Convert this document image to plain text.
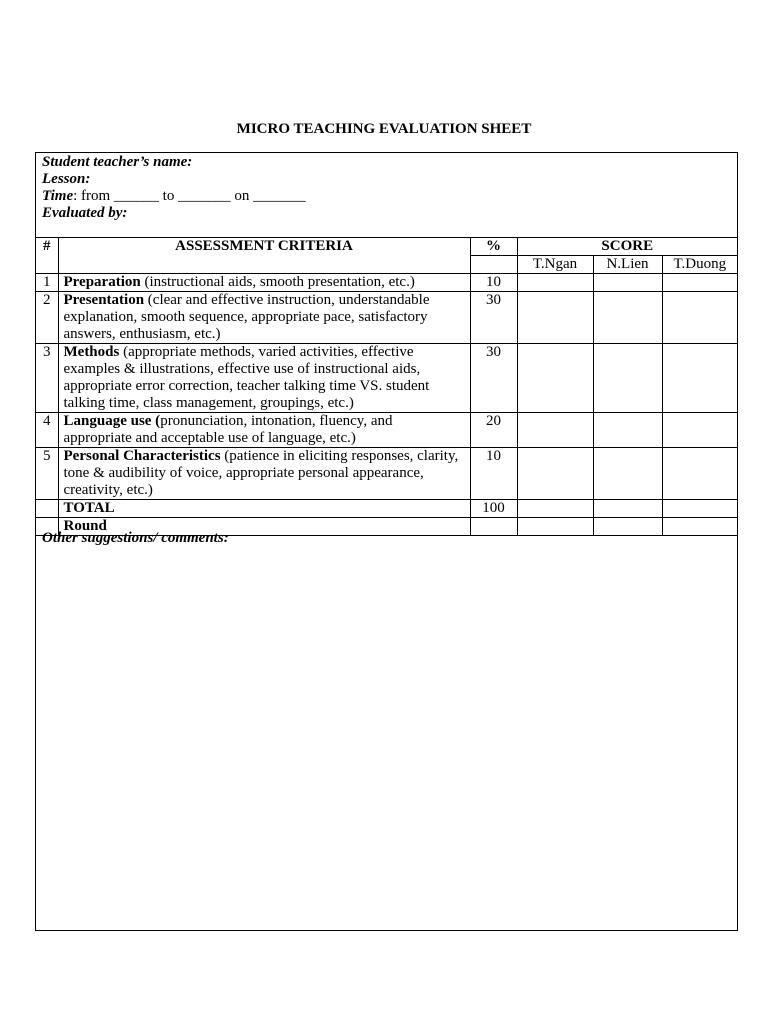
MICRO TEACHING EVALUATION SHEET
Student teacher’s name:
Lesson:
Time: from ______ to _______ on _______
Evaluated by:
#	ASSESSMENT CRITERIA	%	SCORE		
			T.Ngan	N.Lien	T.Duong
1	Preparation (instructional aids, smooth presentation, etc.)	10			
2	Presentation (clear and effective instruction, understandable explanation, smooth sequence, appropriate pace, satisfactory answers, enthusiasm, etc.)	30			
3	Methods (appropriate methods, varied activities, effective examples & illustrations, effective use of instructional aids, appropriate error correction, teacher talking time VS. student talking time, class management, groupings, etc.)	30			
4	Language use (pronunciation, intonation, fluency, and appropriate and acceptable use of language, etc.)	20			
5	Personal Characteristics (patience in eliciting responses, clarity, tone & audibility of voice, appropriate personal appearance, creativity, etc.)	10			
	TOTAL	100			
	Round				
Other suggestions/ comments:
